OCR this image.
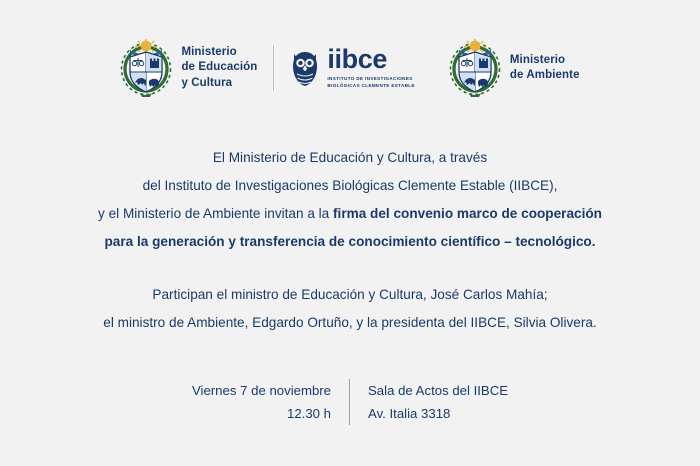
Ministerio
de Educación
y Cultura
iibce
INSTITUTO DE INVESTIGACIONES
BIOLÓGICAS CLEMENTE ESTABLE
Ministerio
de Ambiente
El Ministerio de Educación y Cultura, a través
del Instituto de Investigaciones Biológicas Clemente Estable (IIBCE),
y el Ministerio de Ambiente invitan a la firma del convenio marco de cooperación
para la generación y transferencia de conocimiento científico – tecnológico.
Participan el ministro de Educación y Cultura, José Carlos Mahía;
el ministro de Ambiente, Edgardo Ortuño, y la presidenta del IIBCE, Silvia Olivera.
Viernes 7 de noviembre
12.30 h
Sala de Actos del IIBCE
Av. Italia 3318
